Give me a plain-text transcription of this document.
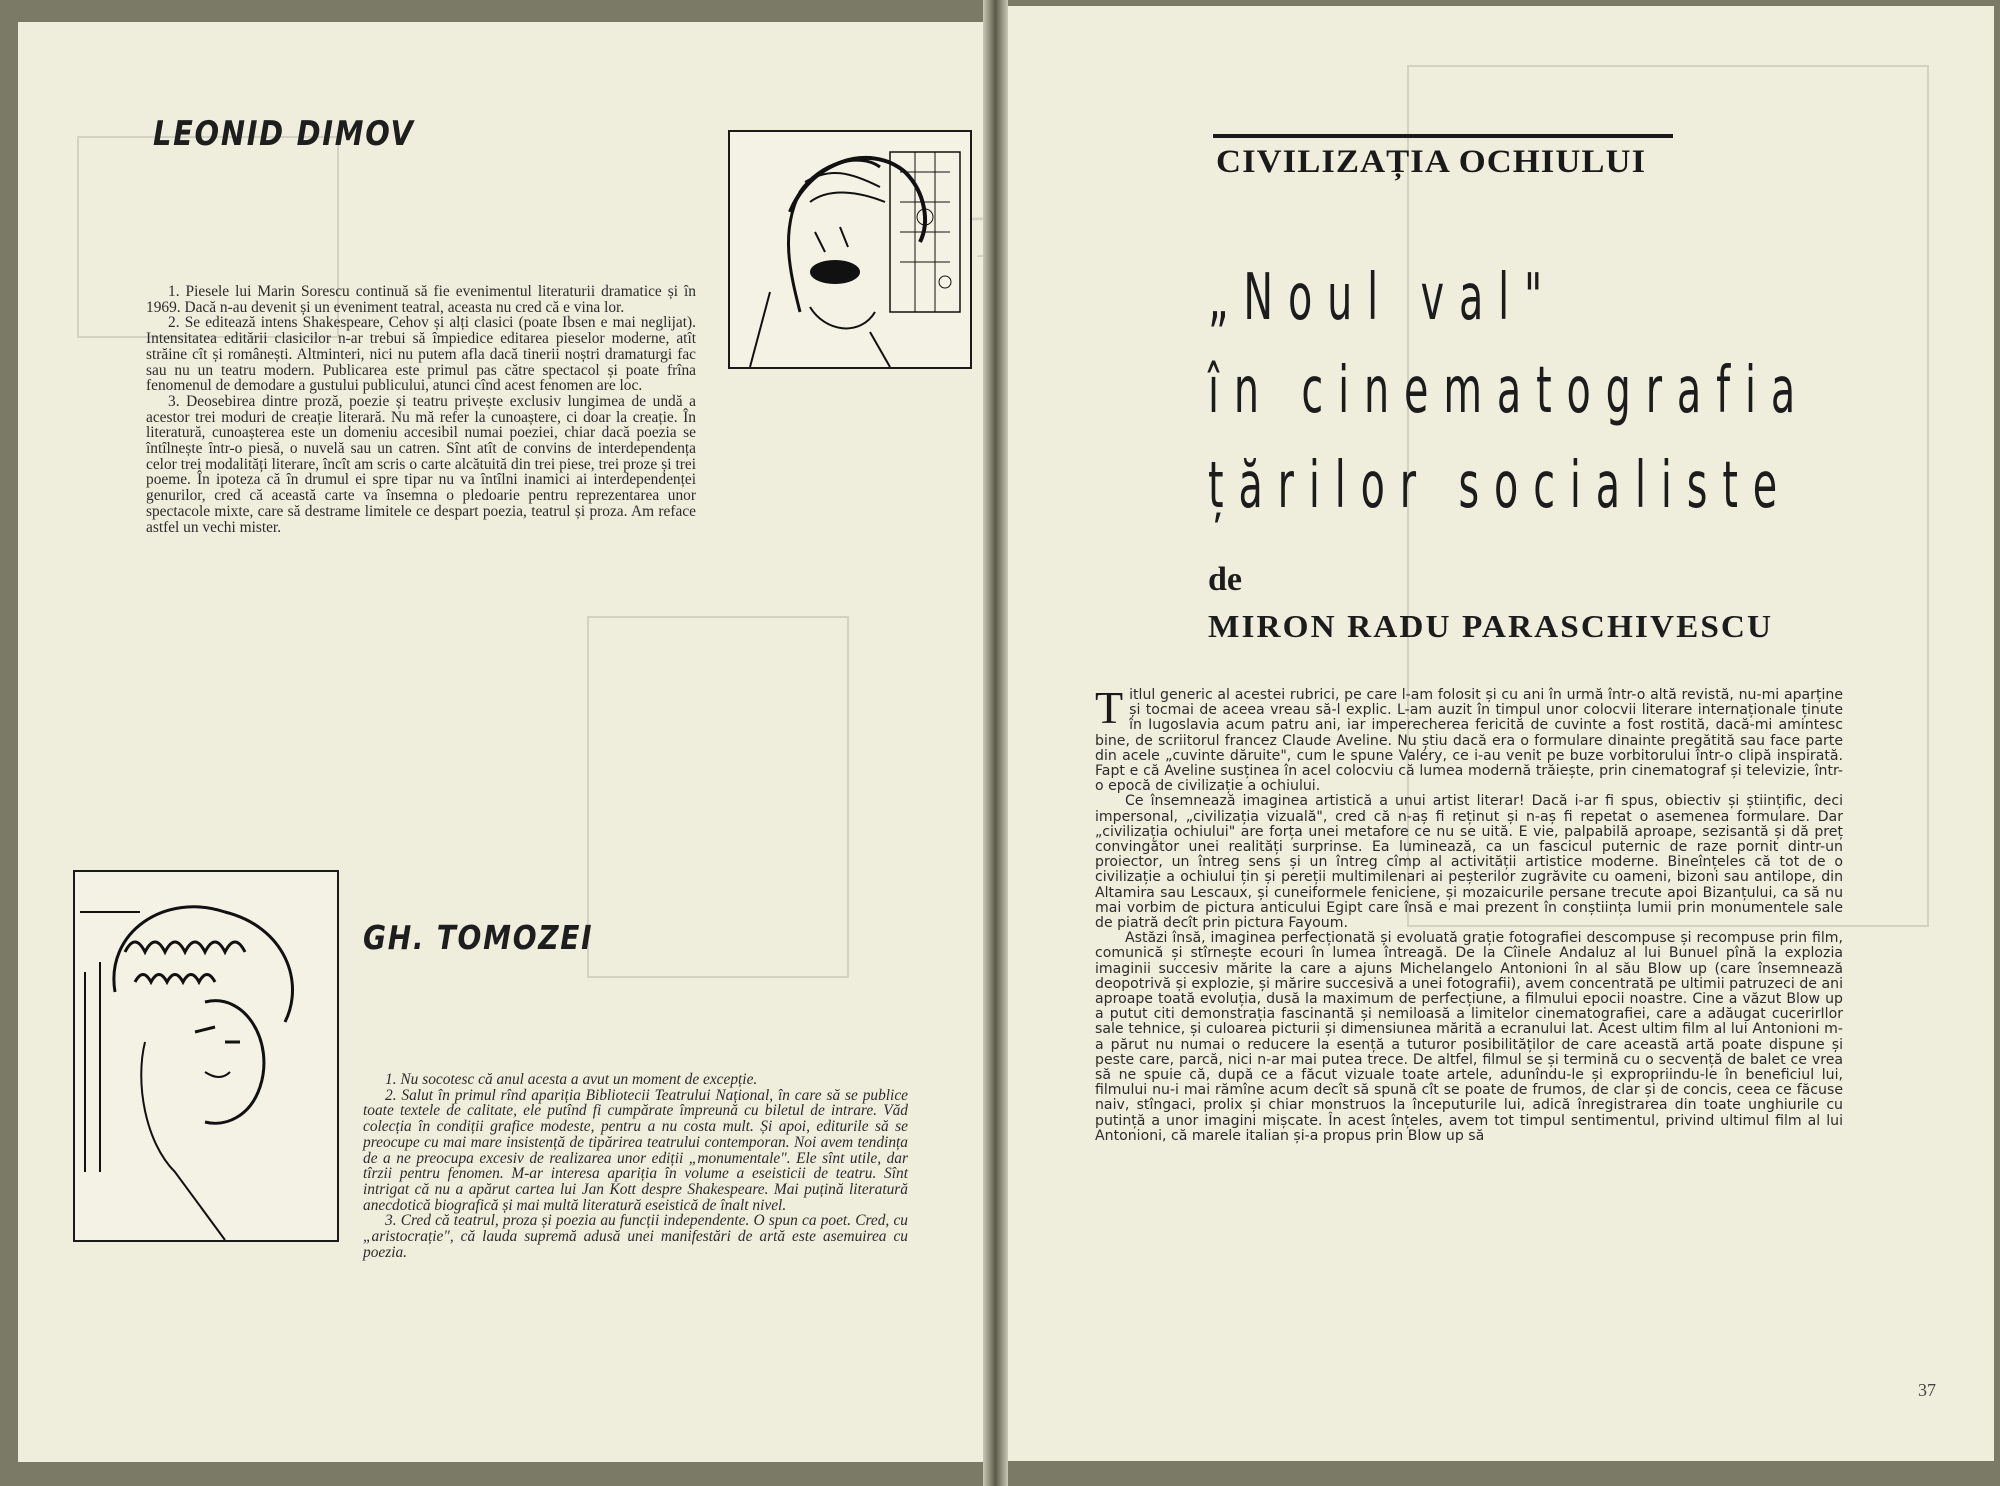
LEONID DIMOV

1. Piesele lui Marin Sorescu continuă să fie evenimentul literaturii dramatice și în 1969. Dacă n-au devenit și un eveniment teatral, aceasta nu cred că e vina lor.

2. Se editează intens Shakespeare, Cehov și alți clasici (poate Ibsen e mai neglijat). Intensitatea editării clasicilor n-ar trebui să împiedice editarea pieselor moderne, atît străine cît și românești. Altminteri, nici nu putem afla dacă tinerii noștri dramaturgi fac sau nu un teatru modern. Publicarea este primul pas către spectacol și poate frîna fenomenul de demodare a gustului publicului, atunci cînd acest fenomen are loc.

3. Deosebirea dintre proză, poezie și teatru privește exclusiv lungimea de undă a acestor trei moduri de creație literară. Nu mă refer la cunoaștere, ci doar la creație. În literatură, cunoașterea este un domeniu accesibil numai poeziei, chiar dacă poezia se întîlnește într-o piesă, o nuvelă sau un catren. Sînt atît de convins de interdependența celor trei modalități literare, încît am scris o carte alcătuită din trei piese, trei proze și trei poeme. În ipoteza că în drumul ei spre tipar nu va întîlni inamici ai interdependenței genurilor, cred că această carte va însemna o pledoarie pentru reprezentarea unor spectacole mixte, care să destrame limitele ce despart poezia, teatrul și proza. Am reface astfel un vechi mister.

GH. TOMOZEI

1. Nu socotesc că anul acesta a avut un moment de excepție.

2. Salut în primul rînd apariția Bibliotecii Teatrului Național, în care să se publice toate textele de calitate, ele putînd fi cumpărate împreună cu biletul de intrare. Văd colecția în condiții grafice modeste, pentru a nu costa mult. Și apoi, editurile să se preocupe cu mai mare insistență de tipărirea teatrului contemporan. Noi avem tendința de a ne preocupa excesiv de realizarea unor ediții „monumentale". Ele sînt utile, dar tîrzii pentru fenomen. M-ar interesa apariția în volume a eseisticii de teatru. Sînt intrigat că nu a apărut cartea lui Jan Kott despre Shakespeare. Mai puțină literatură anecdotică biografică și mai multă literatură eseistică de înalt nivel.

3. Cred că teatrul, proza și poezia au funcții independente. O spun ca poet. Cred, cu „aristocrație", că lauda supremă adusă unei manifestări de artă este asemuirea cu poezia.

CIVILIZAȚIA OCHIULUI
„Noul val"
în cinematografia
țărilor socialiste
de
MIRON RADU PARASCHIVESCU
37

Titlul generic al acestei rubrici, pe care l-am folosit și cu ani în urmă într-o altă revistă, nu-mi aparține și tocmai de aceea vreau să-l explic. L-am auzit în timpul unor colocvii literare internaționale ținute în Iugoslavia acum patru ani, iar imperecherea fericită de cuvinte a fost rostită, dacă-mi amintesc bine, de scriitorul francez Claude Aveline. Nu știu dacă era o formulare dinainte pregătită sau face parte din acele „cuvinte dăruite", cum le spune Valéry, ce i-au venit pe buze vorbitorului într-o clipă inspirată. Fapt e că Aveline susținea în acel colocviu că lumea modernă trăiește, prin cinematograf și televizie, într-o epocă de civilizație a ochiului.

Ce însemnează imaginea artistică a unui artist literar! Dacă i-ar fi spus, obiectiv și științific, deci impersonal, „civilizația vizuală", cred că n-aș fi reținut și n-aș fi repetat o asemenea formulare. Dar „civilizația ochiului" are forța unei metafore ce nu se uită. E vie, palpabilă aproape, sezisantă și dă preț convingător unei realități surprinse. Ea luminează, ca un fascicul puternic de raze pornit dintr-un proiector, un întreg sens și un întreg cîmp al activității artistice moderne. Bineînțeles că tot de o civilizație a ochiului țin și pereții multimilenari ai peșterilor zugrăvite cu oameni, bizoni sau antilope, din Altamira sau Lescaux, și cuneiformele feniciene, și mozaicurile persane trecute apoi Bizanțului, ca să nu mai vorbim de pictura anticului Egipt care însă e mai prezent în conștiința lumii prin monumentele sale de piatră decît prin pictura Fayoum.

Astăzi însă, imaginea perfecționată și evoluată grație fotografiei descompuse și recompuse prin film, comunică și stîrnește ecouri în lumea întreagă. De la Cîinele Andaluz al lui Bunuel pînă la explozia imaginii succesiv mărite la care a ajuns Michelangelo Antonioni în al său Blow up (care însemnează deopotrivă și explozie, și mărire succesivă a unei fotografii), avem concentrată pe ultimii patruzeci de ani aproape toată evoluția, dusă la maximum de perfecțiune, a filmului epocii noastre. Cine a văzut Blow up a putut citi demonstrația fascinantă și nemiloasă a limitelor cinematografiei, care a adăugat cucerirIlor sale tehnice, și culoarea picturii și dimensiunea mărită a ecranului lat. Acest ultim film al lui Antonioni m-a părut nu numai o reducere la esență a tuturor posibilităților de care această artă poate dispune și peste care, parcă, nici n-ar mai putea trece. De altfel, filmul se și termină cu o secvență de balet ce vrea să ne spuie că, după ce a făcut vizuale toate artele, adunîndu-le și expropriindu-le în beneficiul lui, filmului nu-i mai rămîne acum decît să spună cît se poate de frumos, de clar și de concis, ceea ce făcuse naiv, stîngaci, prolix și chiar monstruos la începuturile lui, adică înregistrarea din toate unghiurile cu putință a unor imagini mișcate. În acest înțeles, avem tot timpul sentimentul, privind ultimul film al lui Antonioni, că marele italian și-a propus prin Blow up să
